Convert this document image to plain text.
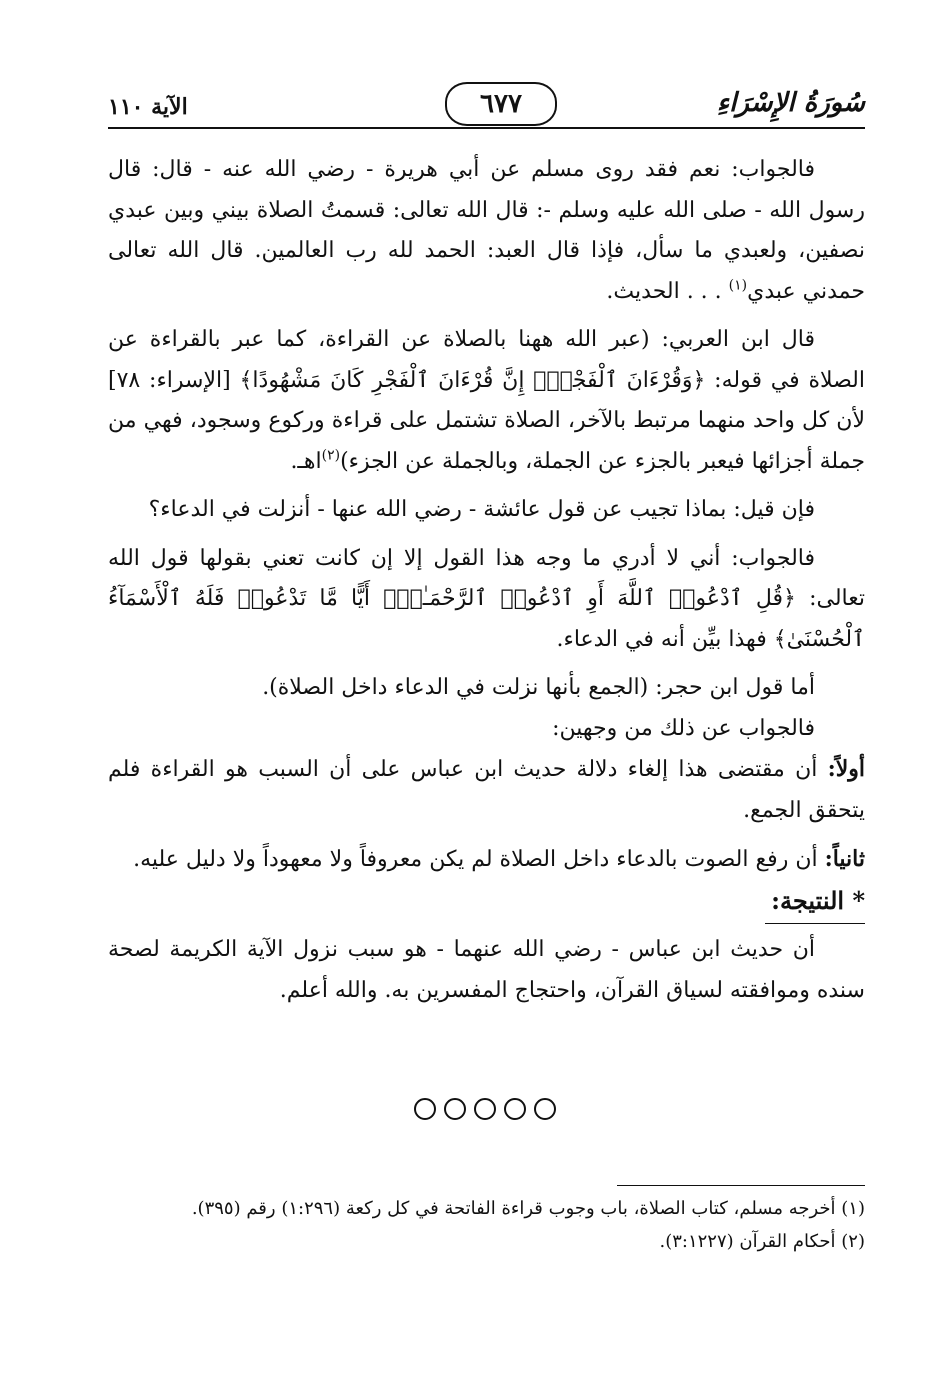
سُورَةُ الإِسْرَاءِ
٦٧٧
الآية ١١٠

فالجواب: نعم فقد روى مسلم عن أبي هريرة - رضي الله عنه - قال: قال رسول الله - صلى الله عليه وسلم -: قال الله تعالى: قسمتُ الصلاة بيني وبين عبدي نصفين، ولعبدي ما سأل، فإذا قال العبد: الحمد لله رب العالمين. قال الله تعالى حمدني عبدي$^{(١)}$ . . . الحديث.

قال ابن العربي: (عبر الله ههنا بالصلاة عن القراءة، كما عبر بالقراءة عن الصلاة في قوله: ﴿وَقُرْءَانَ ٱلْفَجْرِۖ إِنَّ قُرْءَانَ ٱلْفَجْرِ كَانَ مَشْهُودًا﴾ [الإسراء: ٧٨] لأن كل واحد منهما مرتبط بالآخر، الصلاة تشتمل على قراءة وركوع وسجود، فهي من جملة أجزائها فيعبر بالجزء عن الجملة، وبالجملة عن الجزء)$^{(٢)}$اهـ.

فإن قيل: بماذا تجيب عن قول عائشة - رضي الله عنها - أنزلت في الدعاء؟

فالجواب: أني لا أدري ما وجه هذا القول إلا إن كانت تعني بقولها قول الله تعالى: ﴿قُلِ ٱدْعُوا۟ ٱللَّهَ أَوِ ٱدْعُوا۟ ٱلرَّحْمَـٰنَۖ أَيًّا مَّا تَدْعُوا۟ فَلَهُ ٱلْأَسْمَآءُ ٱلْحُسْنَىٰ﴾ فهذا بيِّن أنه في الدعاء.

أما قول ابن حجر: (الجمع بأنها نزلت في الدعاء داخل الصلاة).

فالجواب عن ذلك من وجهين:

أولاً: أن مقتضى هذا إلغاء دلالة حديث ابن عباس على أن السبب هو القراءة فلم يتحقق الجمع.

ثانياً: أن رفع الصوت بالدعاء داخل الصلاة لم يكن معروفاً ولا معهوداً ولا دليل عليه.

* النتيجة:

أن حديث ابن عباس - رضي الله عنهما - هو سبب نزول الآية الكريمة لصحة سنده وموافقته لسياق القرآن، واحتجاج المفسرين به. والله أعلم.

(١) أخرجه مسلم، كتاب الصلاة، باب وجوب قراءة الفاتحة في كل ركعة (١:٢٩٦) رقم (٣٩٥).

(٢) أحكام القرآن (٣:١٢٢٧).
